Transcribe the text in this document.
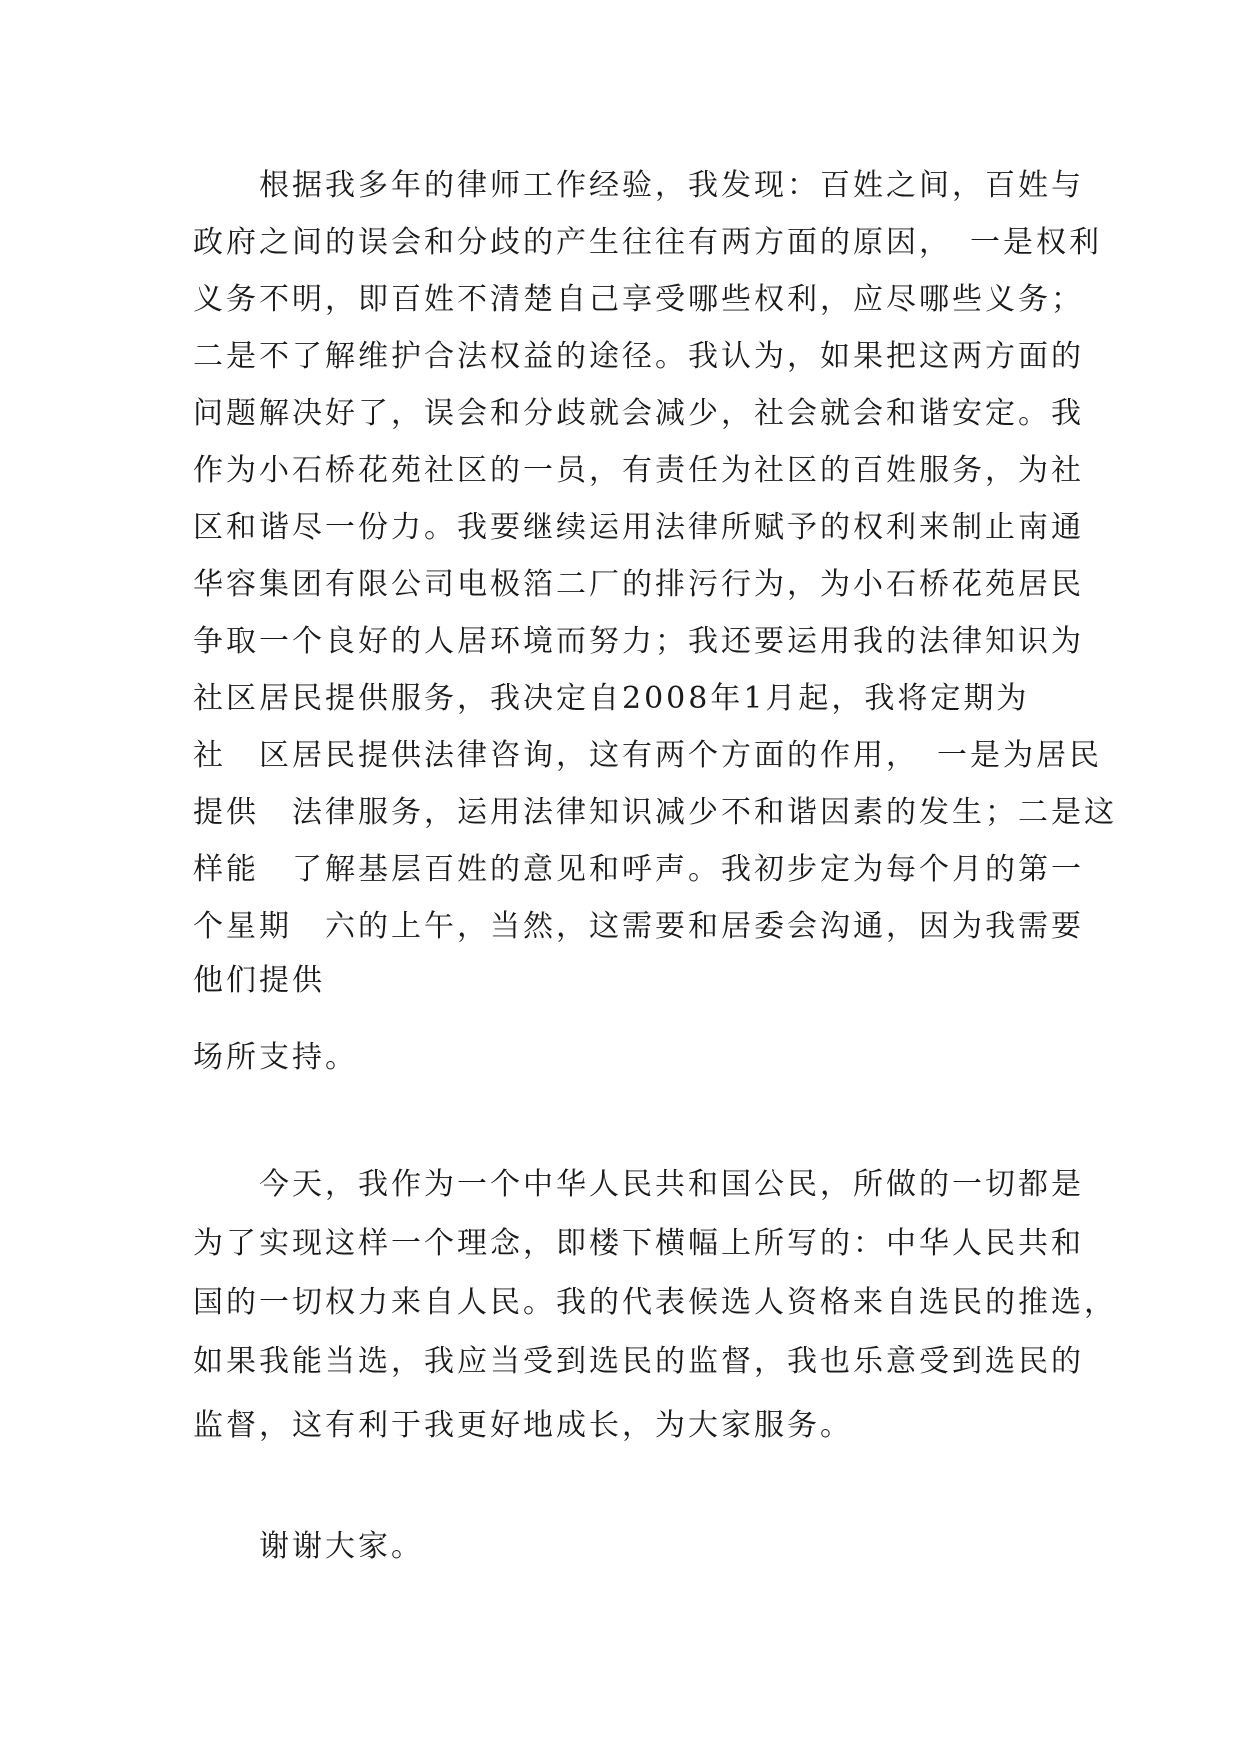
　　根据我多年的律师工作经验，我发现：百姓之间，百姓与
政府之间的误会和分歧的产生往往有两方面的原因，　一是权利
义务不明，即百姓不清楚自己享受哪些权利，应尽哪些义务；
二是不了解维护合法权益的途径。我认为，如果把这两方面的
问题解决好了，误会和分歧就会减少，社会就会和谐安定。我
作为小石桥花苑社区的一员，有责任为社区的百姓服务，为社
区和谐尽一份力。我要继续运用法律所赋予的权利来制止南通
华容集团有限公司电极箔二厂的排污行为，为小石桥花苑居民
争取一个良好的人居环境而努力；我还要运用我的法律知识为
社区居民提供服务，我决定自2008年1月起，我将定期为
社　区居民提供法律咨询，这有两个方面的作用，　一是为居民
提供　法律服务，运用法律知识减少不和谐因素的发生；二是这
样能　了解基层百姓的意见和呼声。我初步定为每个月的第一
个星期　六的上午，当然，这需要和居委会沟通，因为我需要
他们提供
场所支持。
　　今天，我作为一个中华人民共和国公民，所做的一切都是
为了实现这样一个理念，即楼下横幅上所写的：中华人民共和
国的一切权力来自人民。我的代表候选人资格来自选民的推选，
如果我能当选，我应当受到选民的监督，我也乐意受到选民的
监督，这有利于我更好地成长，为大家服务。
　　谢谢大家。
